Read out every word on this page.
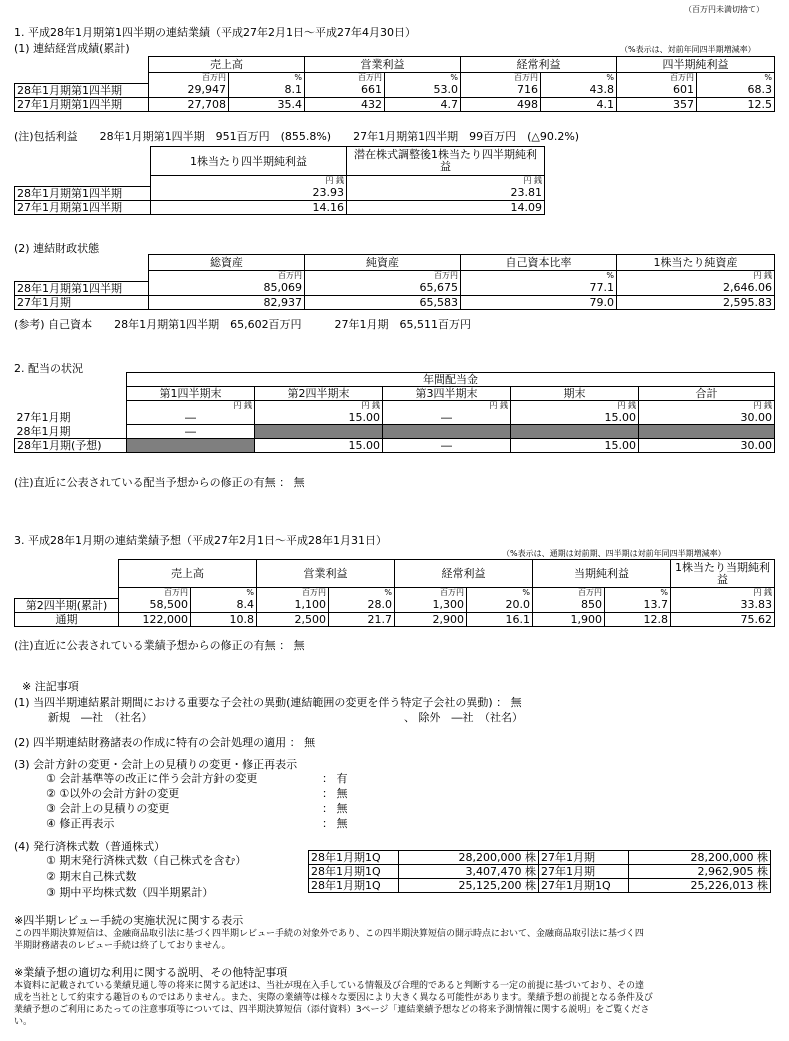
（百万円未満切捨て）
1. 平成28年1月期第1四半期の連結業績（平成27年2月1日～平成27年4月30日）
(1) 連結経営成績(累計)	（%表示は、対前年同四半期増減率）
	売上高		営業利益		経常利益		四半期純利益	
	百万円	%	百万円	%	百万円	%	百万円	%
28年1月期第1四半期	29,947	8.1	661	53.0	716	43.8	601	68.3
27年1月期第1四半期	27,708	35.4	432	4.7	498	4.1	357	12.5
(注)包括利益　　28年1月期第1四半期　951百万円　(855.8%)　　27年1月期第1四半期　99百万円　(△90.2%)
	1株当たり四半期純利益	潜在株式調整後1株当たり四半期純利益
	円 銭	円 銭
28年1月期第1四半期	23.93	23.81
27年1月期第1四半期	14.16	14.09
(2) 連結財政状態
	総資産	純資産	自己資本比率	1株当たり純資産
	百万円	百万円	%	円 銭
28年1月期第1四半期	85,069	65,675	77.1	2,646.06
27年1月期	82,937	65,583	79.0	2,595.83
(参考) 自己資本　　28年1月期第1四半期　65,602百万円　　　27年1月期　65,511百万円
2. 配当の状況
	年間配当金				
	第1四半期末	第2四半期末	第3四半期末	期末	合計
	円 銭	円 銭	円 銭	円 銭	円 銭
27年1月期	―	15.00	―	15.00	30.00
28年1月期	―				
28年1月期(予想)		15.00	―	15.00	30.00
(注)直近に公表されている配当予想からの修正の有無 ： 無
3. 平成28年1月期の連結業績予想（平成27年2月1日～平成28年1月31日）
（%表示は、通期は対前期、四半期は対前年同四半期増減率）
	売上高		営業利益		経常利益		当期純利益		1株当たり当期純利益
	百万円	%	百万円	%	百万円	%	百万円	%	円 銭
第2四半期(累計)	58,500	8.4	1,100	28.0	1,300	20.0	850	13.7	33.83
通期	122,000	10.8	2,500	21.7	2,900	16.1	1,900	12.8	75.62
(注)直近に公表されている業績予想からの修正の有無 ： 無
※ 注記事項
(1) 当四半期連結累計期間における重要な子会社の異動(連結範囲の変更を伴う特定子会社の異動) ： 無
新規　―社　（社名）	、 除外　―社　（社名）
(2) 四半期連結財務諸表の作成に特有の会計処理の適用 ： 無
(3) 会計方針の変更・会計上の見積りの変更・修正再表示
① 会計基準等の改正に伴う会計方針の変更	： 有
② ①以外の会計方針の変更	： 無
③ 会計上の見積りの変更	： 無
④ 修正再表示	： 無
(4) 発行済株式数（普通株式）
① 期末発行済株式数（自己株式を含む）
② 期末自己株式数
③ 期中平均株式数（四半期累計）
28年1月期1Q	28,200,000 株	27年1月期	28,200,000 株
28年1月期1Q	3,407,470 株	27年1月期	2,962,905 株
28年1月期1Q	25,125,200 株	27年1月期1Q	25,226,013 株
※四半期レビュー手続の実施状況に関する表示
この四半期決算短信は、金融商品取引法に基づく四半期レビュー手続の対象外であり、この四半期決算短信の開示時点において、金融商品取引法に基づく四
半期財務諸表のレビュー手続は終了しておりません。
※業績予想の適切な利用に関する説明、その他特記事項
本資料に記載されている業績見通し等の将来に関する記述は、当社が現在入手している情報及び合理的であると判断する一定の前提に基づいており、その達
成を当社として約束する趣旨のものではありません。また、実際の業績等は様々な要因により大きく異なる可能性があります。業績予想の前提となる条件及び
業績予想のご利用にあたっての注意事項等については、四半期決算短信（添付資料）3ページ「連結業績予想などの将来予測情報に関する説明」をご覧くださ
い。
